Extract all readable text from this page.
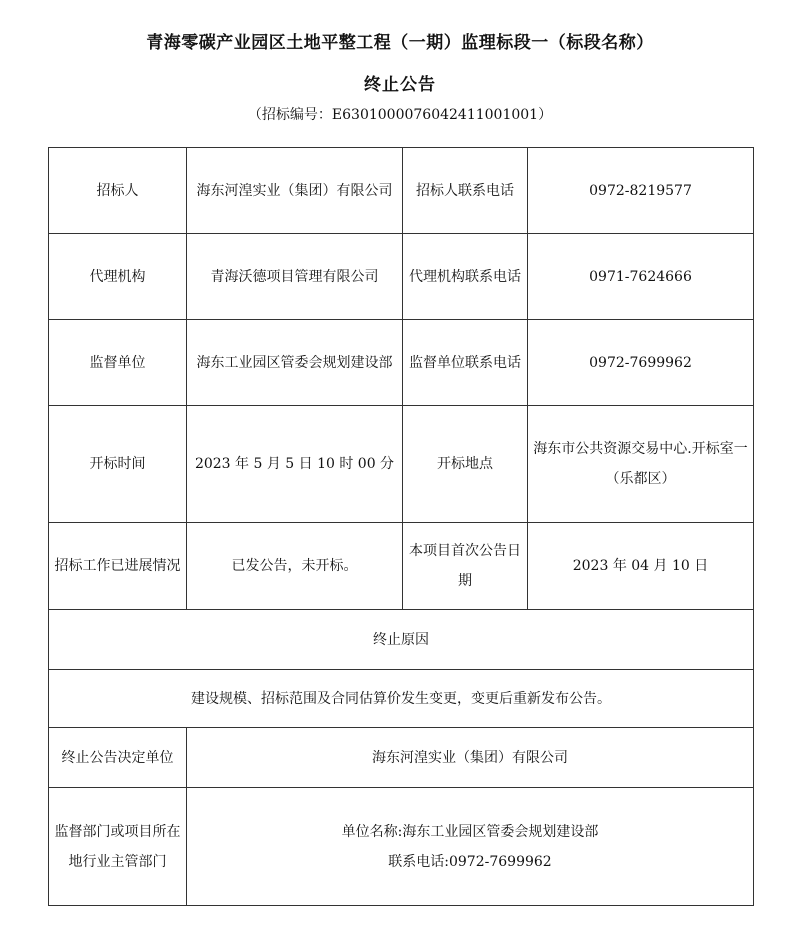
青海零碳产业园区土地平整工程（一期）监理标段一（标段名称）
终止公告
（招标编号：E6301000076042411001001）
招标人	海东河湟实业（集团）有限公司	招标人联系电话	0972-8219577
代理机构	青海沃德项目管理有限公司	代理机构联系电话	0971-7624666
监督单位	海东工业园区管委会规划建设部	监督单位联系电话	0972-7699962
开标时间	2023 年 5 月 5 日 10 时 00 分	开标地点	海东市公共资源交易中心.开标室一（乐都区）
招标工作已进展情况	已发公告，未开标。	本项目首次公告日期	2023 年 04 月 10 日
终止原因			
建设规模、招标范围及合同估算价发生变更，变更后重新发布公告。			
终止公告决定单位	海东河湟实业（集团）有限公司		
监督部门或项目所在地行业主管部门	单位名称:海东工业园区管委会规划建设部
联系电话:0972-7699962		
